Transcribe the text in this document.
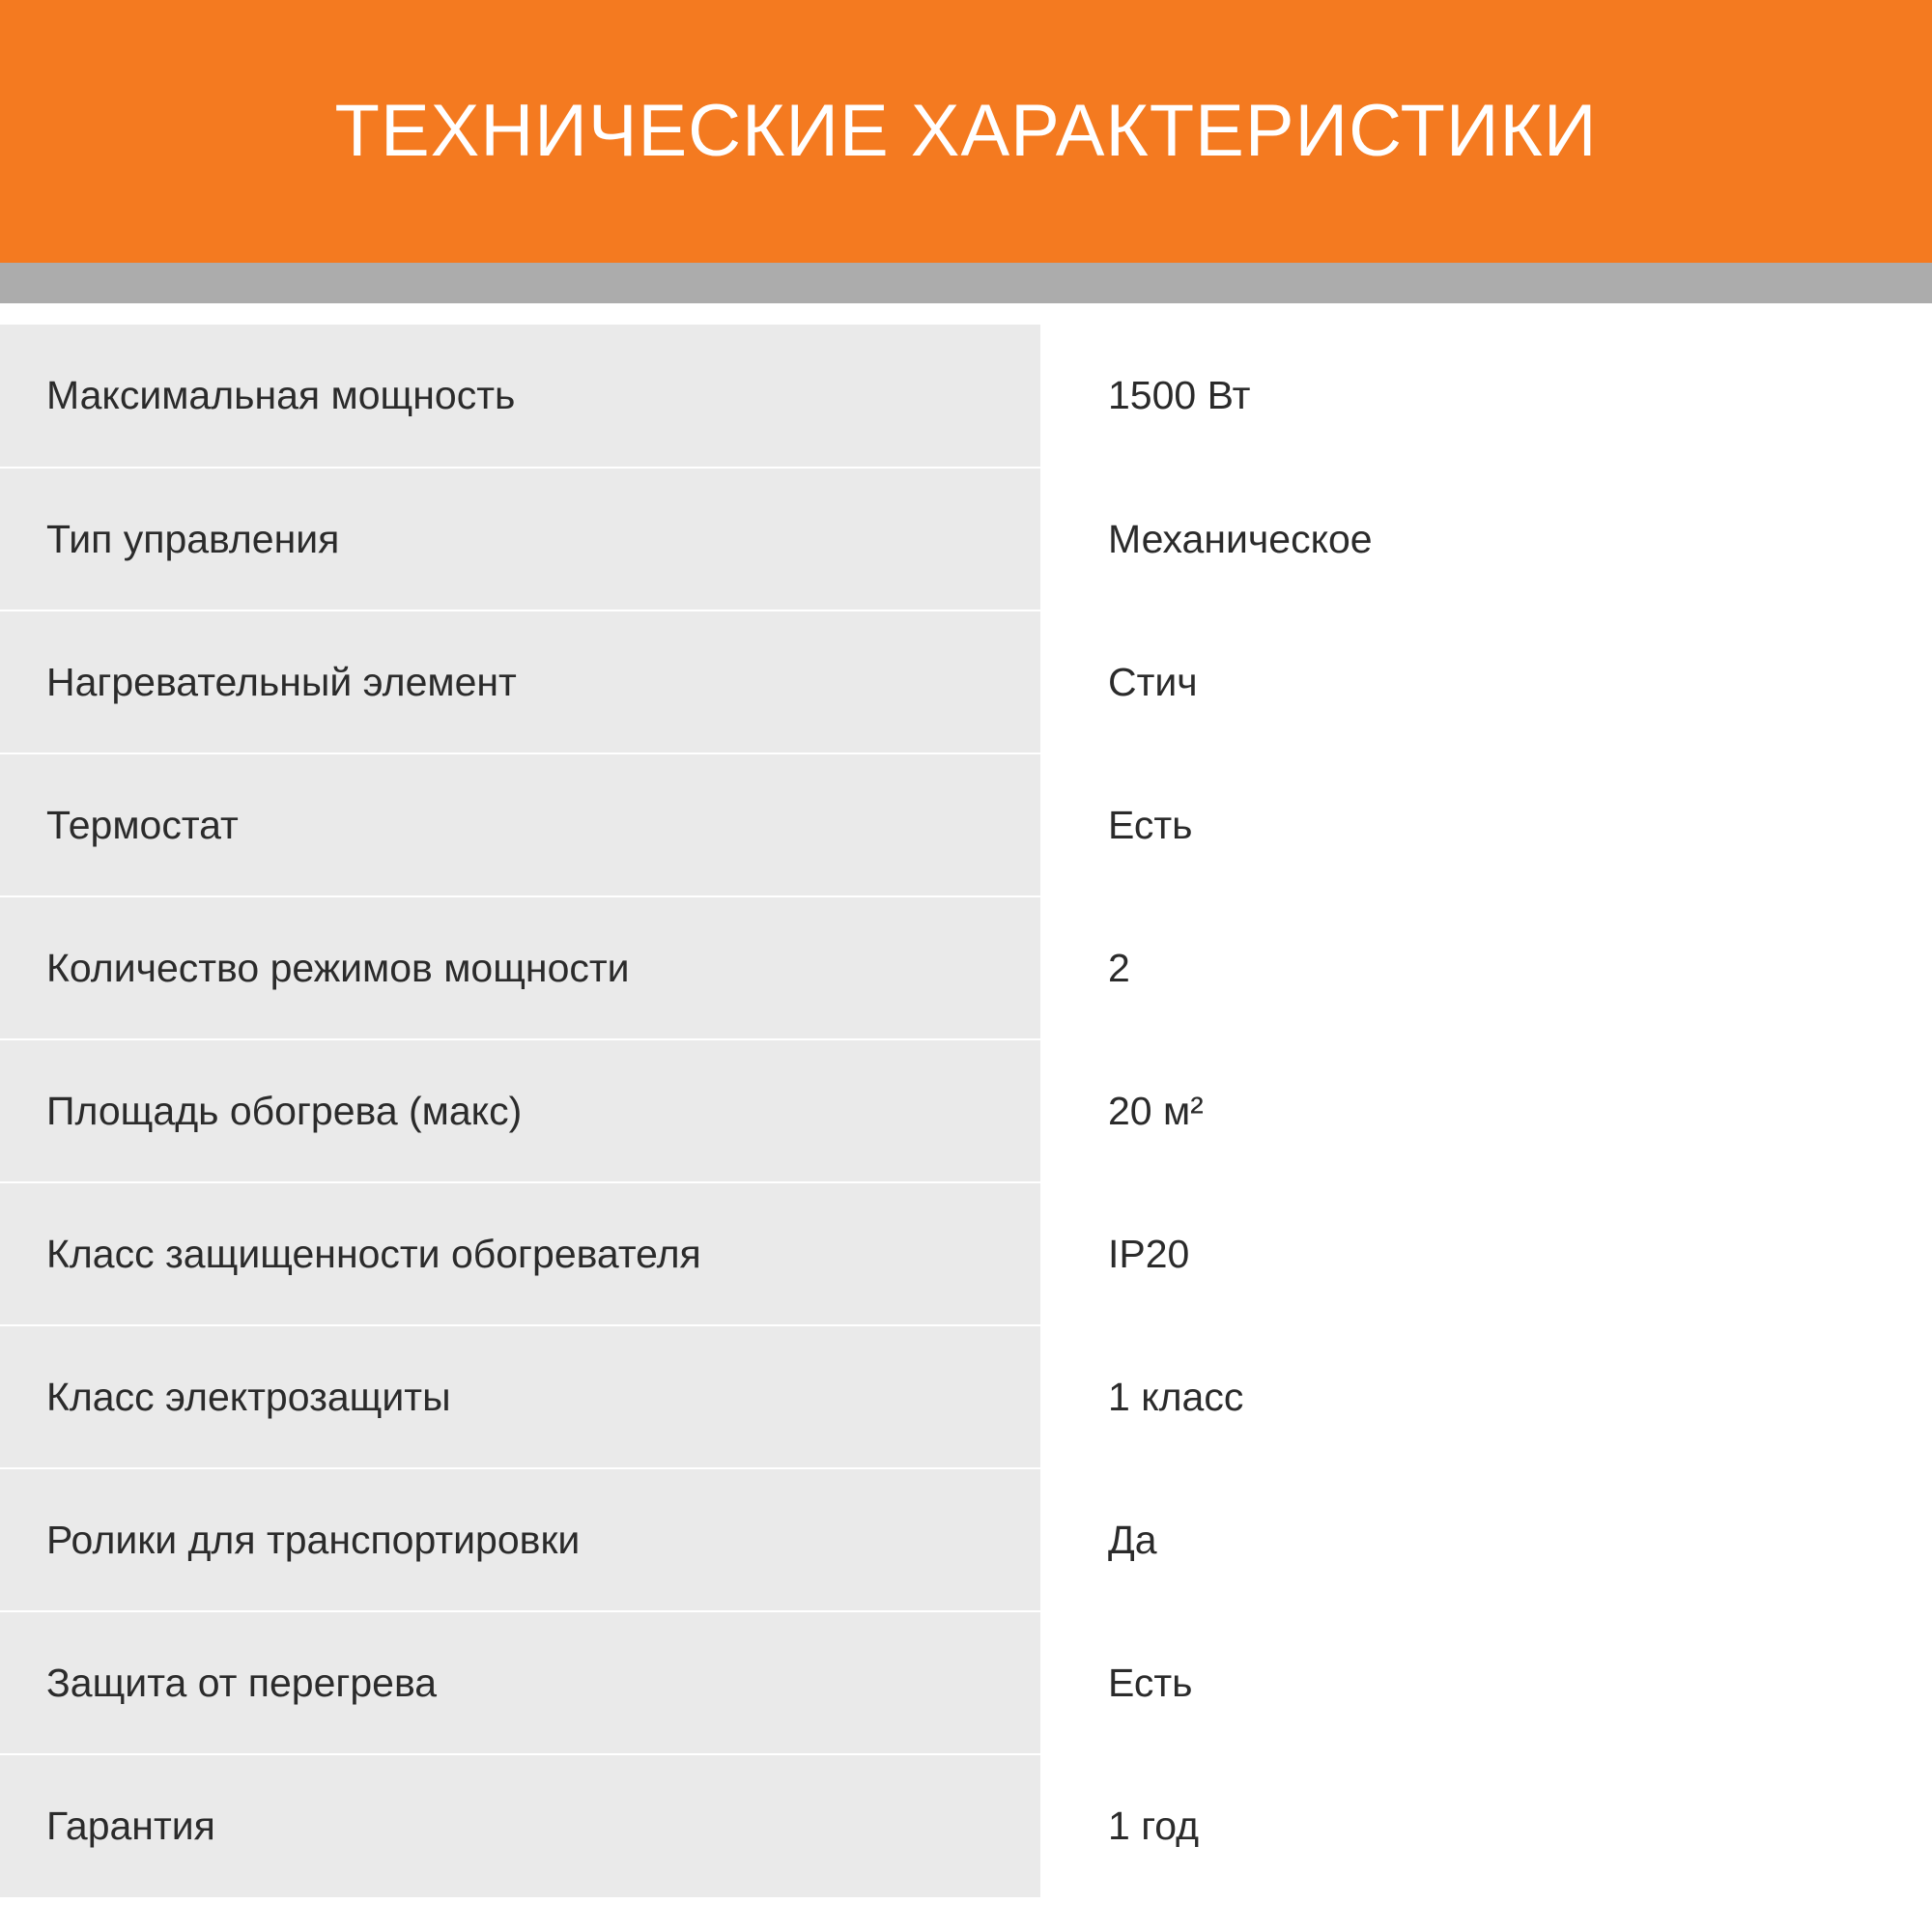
ТЕХНИЧЕСКИЕ ХАРАКТЕРИСТИКИ
Максимальная мощность	1500 Вт
Тип управления	Механическое
Нагревательный элемент	Стич
Термостат	Есть
Количество режимов мощности	2
Площадь обогрева (макс)	20 м²
Класс защищенности обогревателя	IP20
Класс электрозащиты	1 класс
Ролики для транспортировки	Да
Защита от перегрева	Есть
Гарантия	1 год
